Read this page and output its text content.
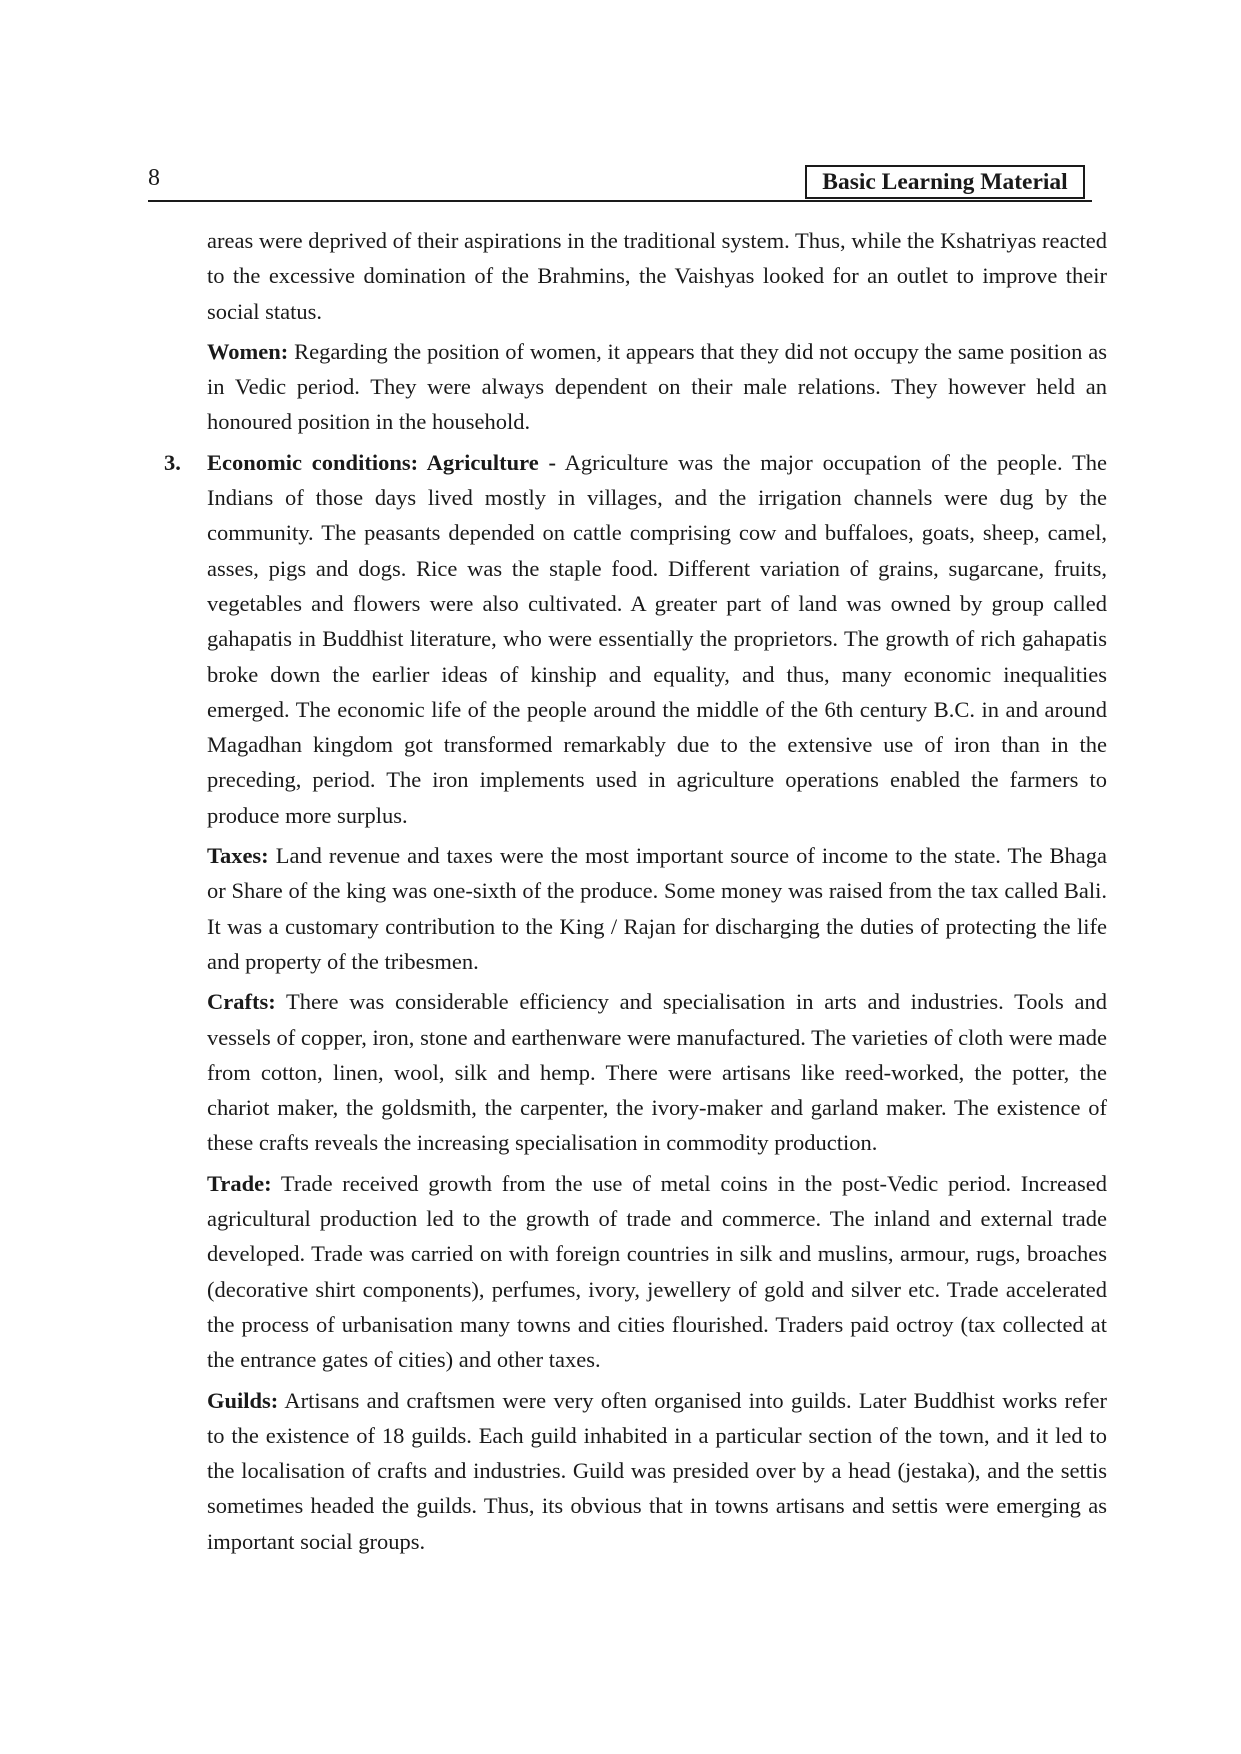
8	Basic Learning Material

areas were deprived of their aspirations in the traditional system. Thus, while the Kshatriyas reacted to the excessive domination of the Brahmins, the Vaishyas looked for an outlet to improve their social status.

Women: Regarding the position of women, it appears that they did not occupy the same position as in Vedic period. They were always dependent on their male relations. They however held an honoured position in the household.

3. Economic conditions: Agriculture - Agriculture was the major occupation of the people. The Indians of those days lived mostly in villages, and the irrigation channels were dug by the community. The peasants depended on cattle comprising cow and buffaloes, goats, sheep, camel, asses, pigs and dogs. Rice was the staple food. Different variation of grains, sugarcane, fruits, vegetables and flowers were also cultivated. A greater part of land was owned by group called gahapatis in Buddhist literature, who were essentially the proprietors. The growth of rich gahapatis broke down the earlier ideas of kinship and equality, and thus, many economic inequalities emerged. The economic life of the people around the middle of the 6th century B.C. in and around Magadhan kingdom got transformed remarkably due to the extensive use of iron than in the preceding, period. The iron implements used in agriculture operations enabled the farmers to produce more surplus.

Taxes: Land revenue and taxes were the most important source of income to the state. The Bhaga or Share of the king was one-sixth of the produce. Some money was raised from the tax called Bali. It was a customary contribution to the King / Rajan for discharging the duties of protecting the life and property of the tribesmen.

Crafts: There was considerable efficiency and specialisation in arts and industries. Tools and vessels of copper, iron, stone and earthenware were manufactured. The varieties of cloth were made from cotton, linen, wool, silk and hemp. There were artisans like reed-worked, the potter, the chariot maker, the goldsmith, the carpenter, the ivory-maker and garland maker. The existence of these crafts reveals the increasing specialisation in commodity production.

Trade: Trade received growth from the use of metal coins in the post-Vedic period. Increased agricultural production led to the growth of trade and commerce. The inland and external trade developed. Trade was carried on with foreign countries in silk and muslins, armour, rugs, broaches (decorative shirt components), perfumes, ivory, jewellery of gold and silver etc. Trade accelerated the process of urbanisation many towns and cities flourished. Traders paid octroy (tax collected at the entrance gates of cities) and other taxes.

Guilds: Artisans and craftsmen were very often organised into guilds. Later Buddhist works refer to the existence of 18 guilds. Each guild inhabited in a particular section of the town, and it led to the localisation of crafts and industries. Guild was presided over by a head (jestaka), and the settis sometimes headed the guilds. Thus, its obvious that in towns artisans and settis were emerging as important social groups.
